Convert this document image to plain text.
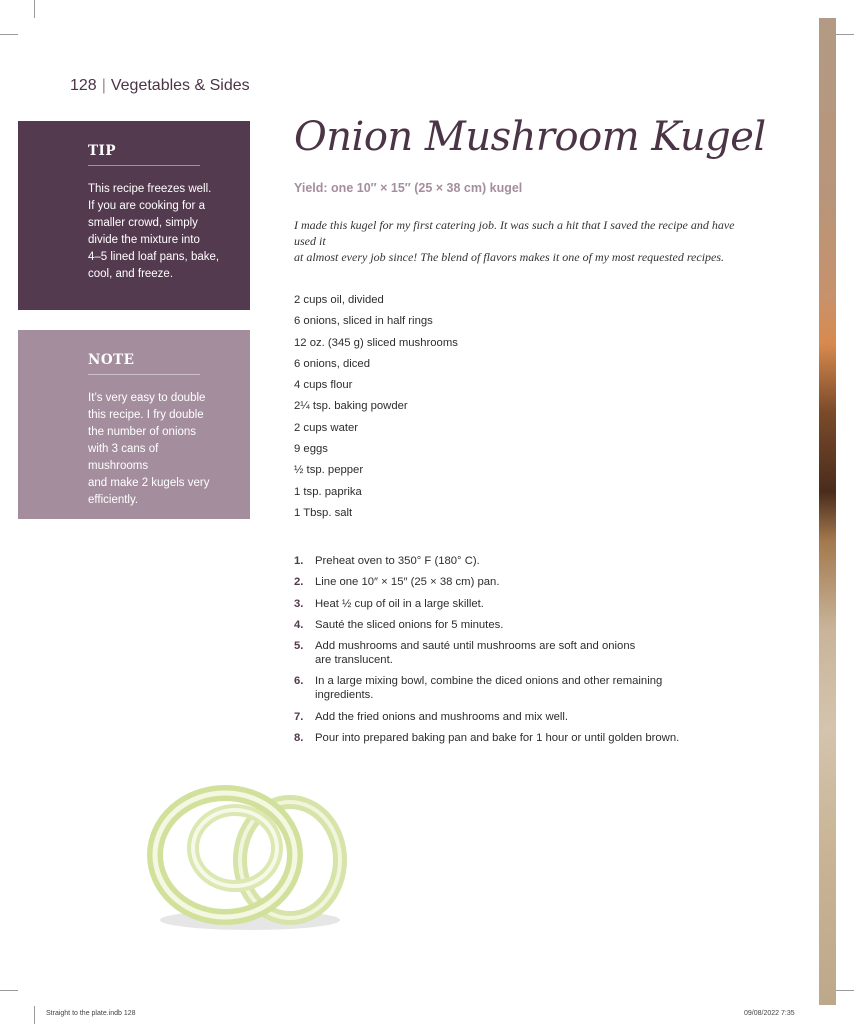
128 | Vegetables & Sides
TIP

This recipe freezes well.
If you are cooking for a
smaller crowd, simply
divide the mixture into
4–5 lined loaf pans, bake,
cool, and freeze.

NOTE

It’s very easy to double
this recipe. I fry double
the number of onions
with 3 cans of mushrooms
and make 2 kugels very
efficiently.

Onion Mushroom Kugel
Yield: one 10″ × 15″ (25 × 38 cm) kugel

I made this kugel for my first catering job. It was such a hit that I saved the recipe and have used it
at almost every job since! The blend of flavors makes it one of my most requested recipes.

2 cups oil, divided
6 onions, sliced in half rings
12 oz. (345 g) sliced mushrooms
6 onions, diced
4 cups flour
2¼ tsp. baking powder
2 cups water
9 eggs
½ tsp. pepper
1 tsp. paprika
1 Tbsp. salt
1.	Preheat oven to 350° F (180° C).
2.	Line one 10″ × 15″ (25 × 38 cm) pan.
3.	Heat ½ cup of oil in a large skillet.
4.	Sauté the sliced onions for 5 minutes.
5.	Add mushrooms and sauté until mushrooms are soft and onions
are translucent.
6.	In a large mixing bowl, combine the diced onions and other remaining
ingredients.
7.	Add the fried onions and mushrooms and mix well.
8.	Pour into prepared baking pan and bake for 1 hour or until golden brown.
Straight to the plate.indb 128	09/08/2022 7:35
